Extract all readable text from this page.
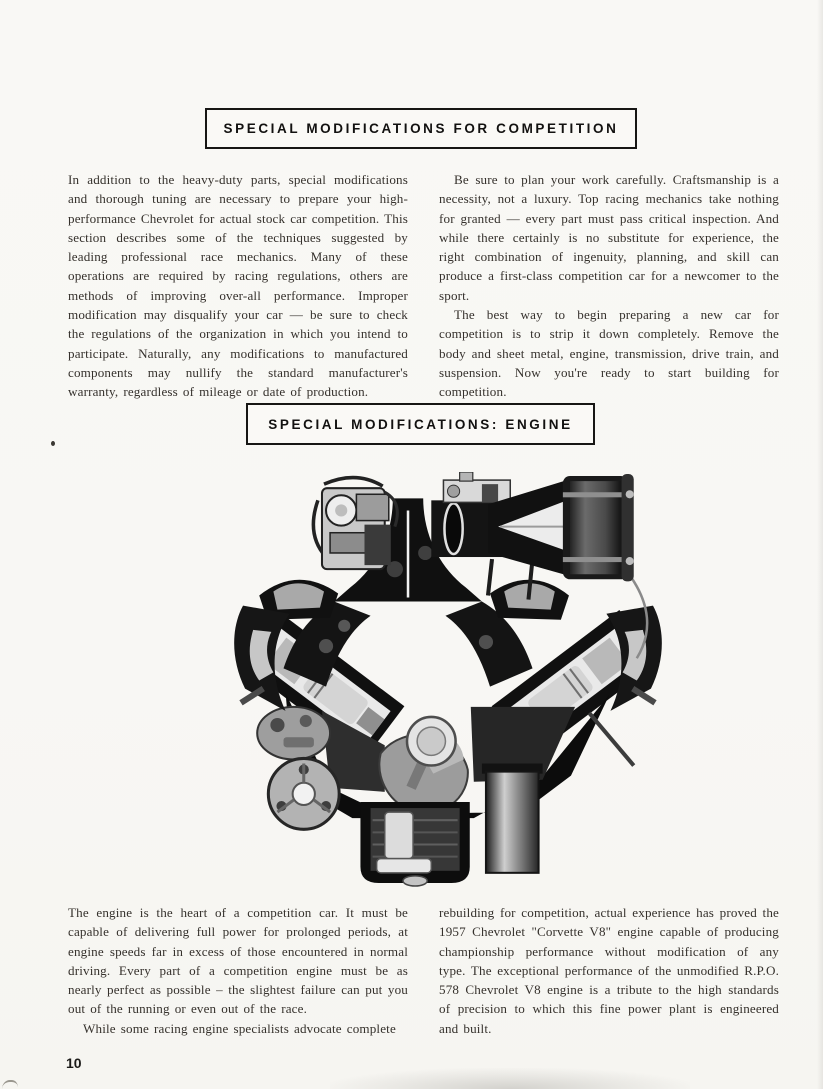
SPECIAL MODIFICATIONS FOR COMPETITION

In addition to the heavy-duty parts, special modifications and thorough tuning are necessary to prepare your high-performance Chevrolet for actual stock car competition. This section describes some of the techniques suggested by leading professional race mechanics. Many of these operations are required by racing regulations, others are methods of improving over-all performance. Improper modification may disqualify your car — be sure to check the regulations of the organization in which you intend to participate. Naturally, any modifications to manufactured components may nullify the standard manufacturer's warranty, regardless of mileage or date of production.

Be sure to plan your work carefully. Craftsmanship is a necessity, not a luxury. Top racing mechanics take nothing for granted — every part must pass critical inspection. And while there certainly is no substitute for experience, the right combination of ingenuity, planning, and skill can produce a first-class competition car for a newcomer to the sport.

The best way to begin preparing a new car for competition is to strip it down completely. Remove the body and sheet metal, engine, transmission, drive train, and suspension. Now you're ready to start building for competition.

SPECIAL MODIFICATIONS: ENGINE

The engine is the heart of a competition car. It must be capable of delivering full power for prolonged periods, at engine speeds far in excess of those encountered in normal driving. Every part of a competition engine must be as nearly perfect as possible – the slightest failure can put you out of the running or even out of the race.

While some racing engine specialists advocate complete

rebuilding for competition, actual experience has proved the 1957 Chevrolet "Corvette V8" engine capable of producing championship performance without modification of any type. The exceptional performance of the unmodified R.P.O. 578 Chevrolet V8 engine is a tribute to the high standards of precision to which this fine power plant is engineered and built.

10
